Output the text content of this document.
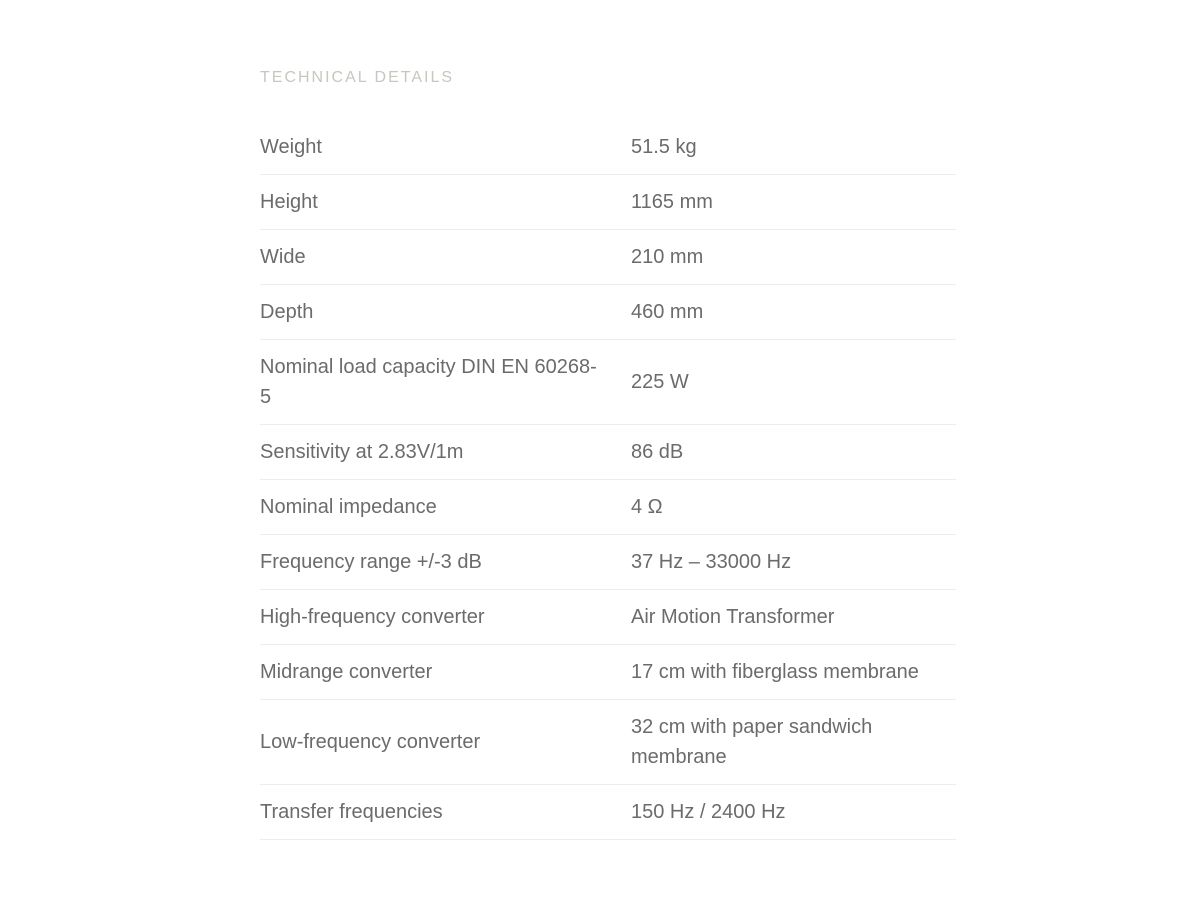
TECHNICAL DETAILS
Weight	51.5 kg
Height	1165 mm
Wide	210 mm
Depth	460 mm
Nominal load capacity DIN EN 60268-5	225 W
Sensitivity at 2.83V/1m	86 dB
Nominal impedance	4 Ω
Frequency range +/-3 dB	37 Hz – 33000 Hz
High-frequency converter	Air Motion Transformer
Midrange converter	17 cm with fiberglass membrane
Low-frequency converter	32 cm with paper sandwich membrane
Transfer frequencies	150 Hz / 2400 Hz
